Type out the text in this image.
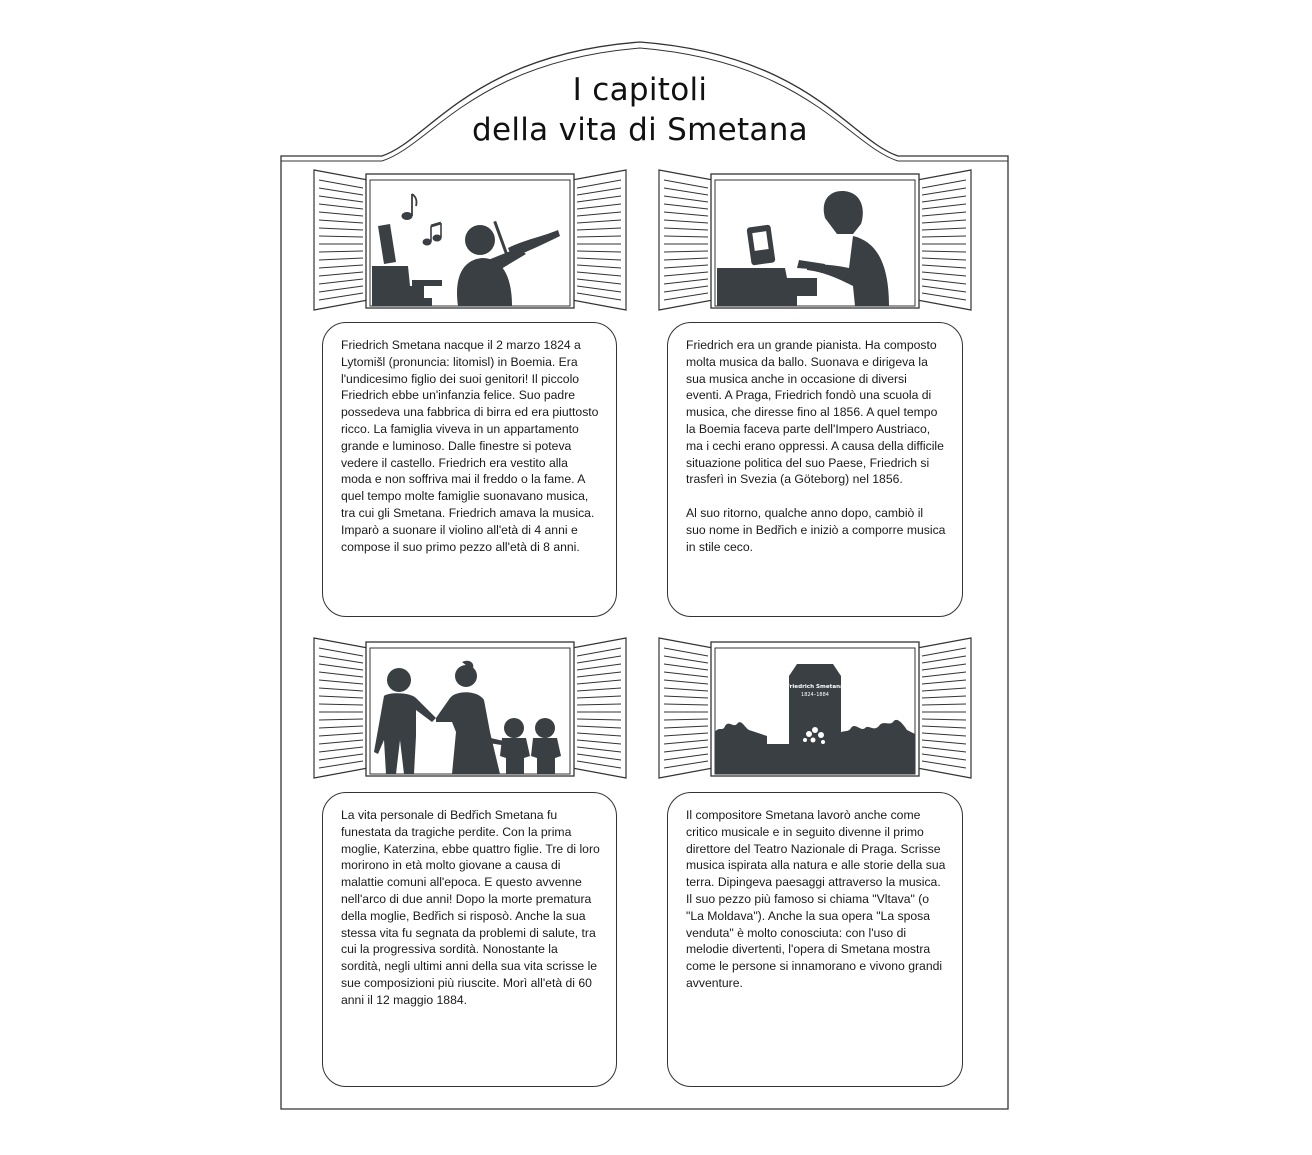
I capitoli
della vita di Smetana

Friedrich Smetana nacque il 2 marzo 1824 a Lytomišl (pronuncia: litomisl) in Boemia. Era l'undicesimo figlio dei suoi genitori! Il piccolo Friedrich ebbe un'infanzia felice. Suo padre possedeva una fabbrica di birra ed era piuttosto ricco. La famiglia viveva in un appartamento grande e luminoso. Dalle finestre si poteva vedere il castello. Friedrich era vestito alla moda e non soffriva mai il freddo o la fame. A quel tempo molte famiglie suonavano musica, tra cui gli Smetana. Friedrich amava la musica. Imparò a suonare il violino all'età di 4 anni e compose il suo primo pezzo all'età di 8 anni.

Friedrich era un grande pianista. Ha composto molta musica da ballo. Suonava e dirigeva la sua musica anche in occasione di diversi eventi. A Praga, Friedrich fondò una scuola di musica, che diresse fino al 1856. A quel tempo la Boemia faceva parte dell'Impero Austriaco, ma i cechi erano oppressi. A causa della difficile situazione politica del suo Paese, Friedrich si trasferì in Svezia (a Göteborg) nel 1856.

Al suo ritorno, qualche anno dopo, cambiò il suo nome in Bedřich e iniziò a comporre musica in stile ceco.

Friedrich Smetana
1824–1884

La vita personale di Bedřich Smetana fu funestata da tragiche perdite. Con la prima moglie, Katerzina, ebbe quattro figlie. Tre di loro morirono in età molto giovane a causa di malattie comuni all'epoca. E questo avvenne nell'arco di due anni! Dopo la morte prematura della moglie, Bedřich si risposò. Anche la sua stessa vita fu segnata da problemi di salute, tra cui la progressiva sordità. Nonostante la sordità, negli ultimi anni della sua vita scrisse le sue composizioni più riuscite. Morì all'età di 60 anni il 12 maggio 1884.

Il compositore Smetana lavorò anche come critico musicale e in seguito divenne il primo direttore del Teatro Nazionale di Praga. Scrisse musica ispirata alla natura e alle storie della sua terra. Dipingeva paesaggi attraverso la musica. Il suo pezzo più famoso si chiama "Vltava" (o "La Moldava"). Anche la sua opera "La sposa venduta" è molto conosciuta: con l'uso di melodie divertenti, l'opera di Smetana mostra come le persone si innamorano e vivono grandi avventure.
